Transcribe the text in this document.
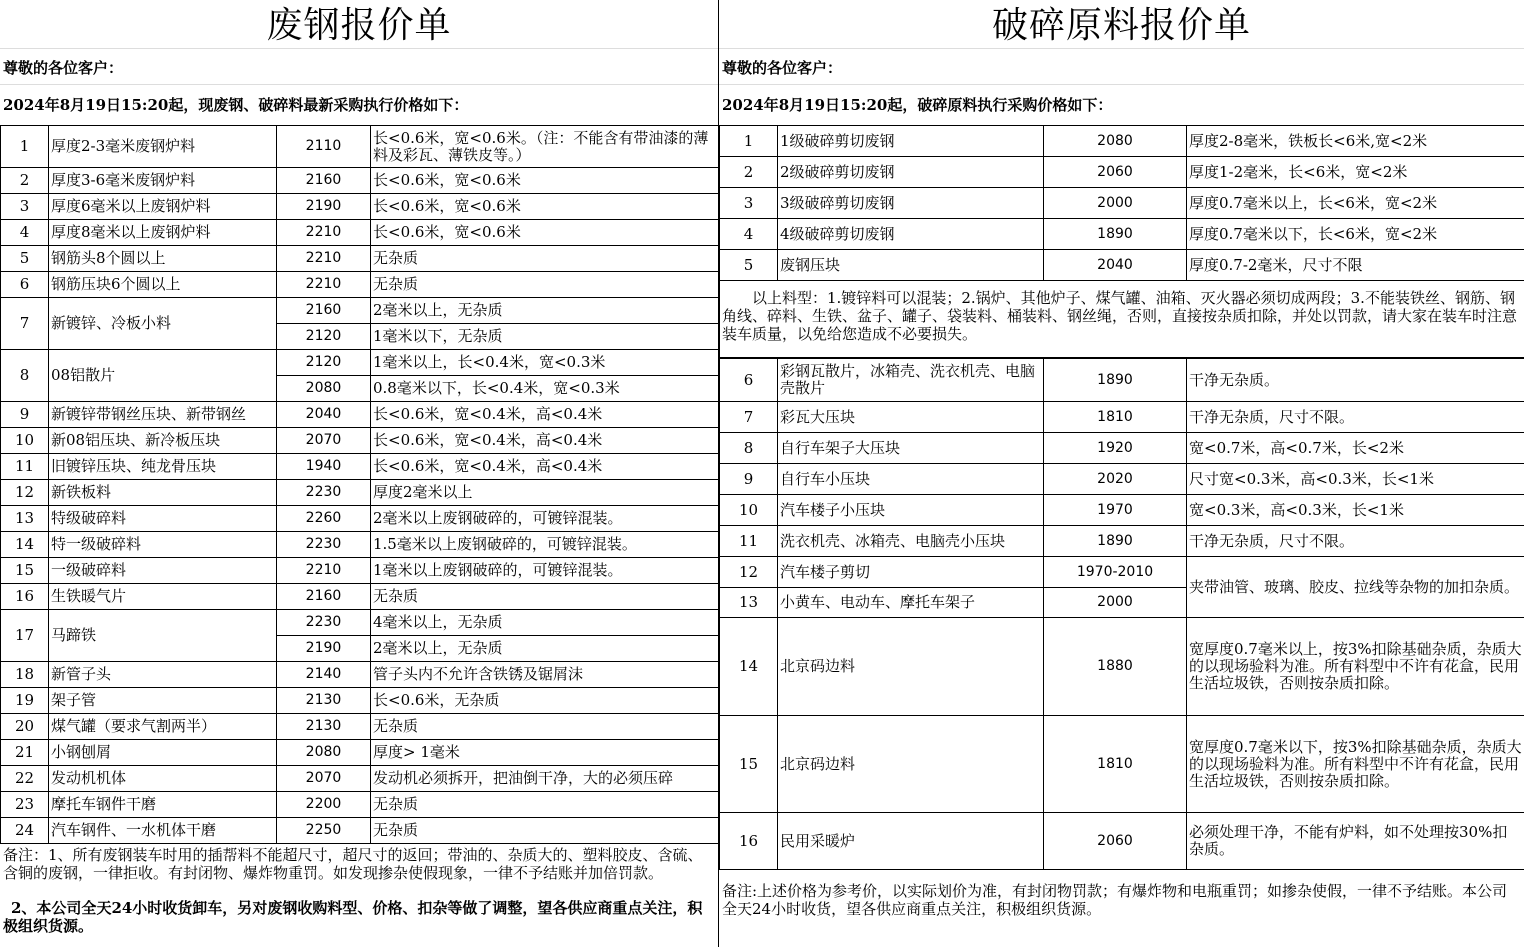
废钢报价单
尊敬的各位客户：
2024年8月19日15:20起，现废钢、破碎料最新采购执行价格如下：
1	厚度2-3毫米废钢炉料	2110	长<0.6米，宽<0.6米。（注：不能含有带油漆的薄料及彩瓦、薄铁皮等。）
2	厚度3-6毫米废钢炉料	2160	长<0.6米，宽<0.6米
3	厚度6毫米以上废钢炉料	2190	长<0.6米，宽<0.6米
4	厚度8毫米以上废钢炉料	2210	长<0.6米，宽<0.6米
5	钢筋头8个圆以上	2210	无杂质
6	钢筋压块6个圆以上	2210	无杂质
7	新镀锌、冷板小料	2160	2毫米以上，无杂质
		2120	1毫米以下，无杂质
8	08铝散片	2120	1毫米以上，长<0.4米，宽<0.3米
		2080	0.8毫米以下，长<0.4米，宽<0.3米
9	新镀锌带钢丝压块、新带钢丝	2040	长<0.6米，宽<0.4米，高<0.4米
10	新08铝压块、新冷板压块	2070	长<0.6米，宽<0.4米，高<0.4米
11	旧镀锌压块、纯龙骨压块	1940	长<0.6米，宽<0.4米，高<0.4米
12	新铁板料	2230	厚度2毫米以上
13	特级破碎料	2260	2毫米以上废钢破碎的，可镀锌混装。
14	特一级破碎料	2230	1.5毫米以上废钢破碎的，可镀锌混装。
15	一级破碎料	2210	1毫米以上废钢破碎的，可镀锌混装。
16	生铁暖气片	2160	无杂质
17	马蹄铁	2230	4毫米以上，无杂质
		2190	2毫米以上，无杂质
18	新管子头	2140	管子头内不允许含铁锈及锯屑沫
19	架子管	2130	长<0.6米，无杂质
20	煤气罐（要求气割两半）	2130	无杂质
21	小钢刨屑	2080	厚度> 1毫米
22	发动机机体	2070	发动机必须拆开，把油倒干净，大的必须压碎
23	摩托车钢件干磨	2200	无杂质
24	汽车钢件、一水机体干磨	2250	无杂质
备注：1、所有废钢装车时用的插帮料不能超尺寸，超尺寸的返回；带油的、杂质大的、塑料胶皮、含硫、含铜的废钢，一律拒收。有封闭物、爆炸物重罚。如发现掺杂使假现象，一律不予结账并加倍罚款。
2、本公司全天24小时收货卸车，另对废钢收购料型、价格、扣杂等做了调整，望各供应商重点关注，积极组织货源。
破碎原料报价单
尊敬的各位客户：
2024年8月19日15:20起，破碎原料执行采购价格如下：
1	1级破碎剪切废钢	2080	厚度2-8毫米，铁板长<6米,宽<2米
2	2级破碎剪切废钢	2060	厚度1-2毫米，长<6米，宽<2米
3	3级破碎剪切废钢	2000	厚度0.7毫米以上，长<6米，宽<2米
4	4级破碎剪切废钢	1890	厚度0.7毫米以下，长<6米，宽<2米
5	废钢压块	2040	厚度0.7-2毫米，尺寸不限
以上料型：1.镀锌料可以混装；2.锅炉、其他炉子、煤气罐、油箱、灭火器必须切成两段；3.不能装铁丝、钢筋、钢角线、碎料、生铁、盆子、罐子、袋装料、桶装料、钢丝绳，否则，直接按杂质扣除，并处以罚款，请大家在装车时注意装车质量，以免给您造成不必要损失。
6	彩钢瓦散片，冰箱壳、洗衣机壳、电脑壳散片	1890	干净无杂质。
7	彩瓦大压块	1810	干净无杂质，尺寸不限。
8	自行车架子大压块	1920	宽<0.7米，高<0.7米，长<2米
9	自行车小压块	2020	尺寸宽<0.3米，高<0.3米，长<1米
10	汽车楼子小压块	1970	宽<0.3米，高<0.3米，长<1米
11	洗衣机壳、冰箱壳、电脑壳小压块	1890	干净无杂质，尺寸不限。
12	汽车楼子剪切	1970-2010	夹带油管、玻璃、胶皮、拉线等杂物的加扣杂质。
13	小黄车、电动车、摩托车架子	2000	
14	北京码边料	1880	宽厚度0.7毫米以上，按3%扣除基础杂质，杂质大的以现场验料为准。所有料型中不许有花盒，民用生活垃圾铁，否则按杂质扣除。
15	北京码边料	1810	宽厚度0.7毫米以下，按3%扣除基础杂质，杂质大的以现场验料为准。所有料型中不许有花盒，民用生活垃圾铁，否则按杂质扣除。
16	民用采暖炉	2060	必须处理干净，不能有炉料，如不处理按30%扣杂质。
备注:上述价格为参考价，以实际划价为准，有封闭物罚款；有爆炸物和电瓶重罚；如掺杂使假，一律不予结账。本公司全天24小时收货，望各供应商重点关注，积极组织货源。
